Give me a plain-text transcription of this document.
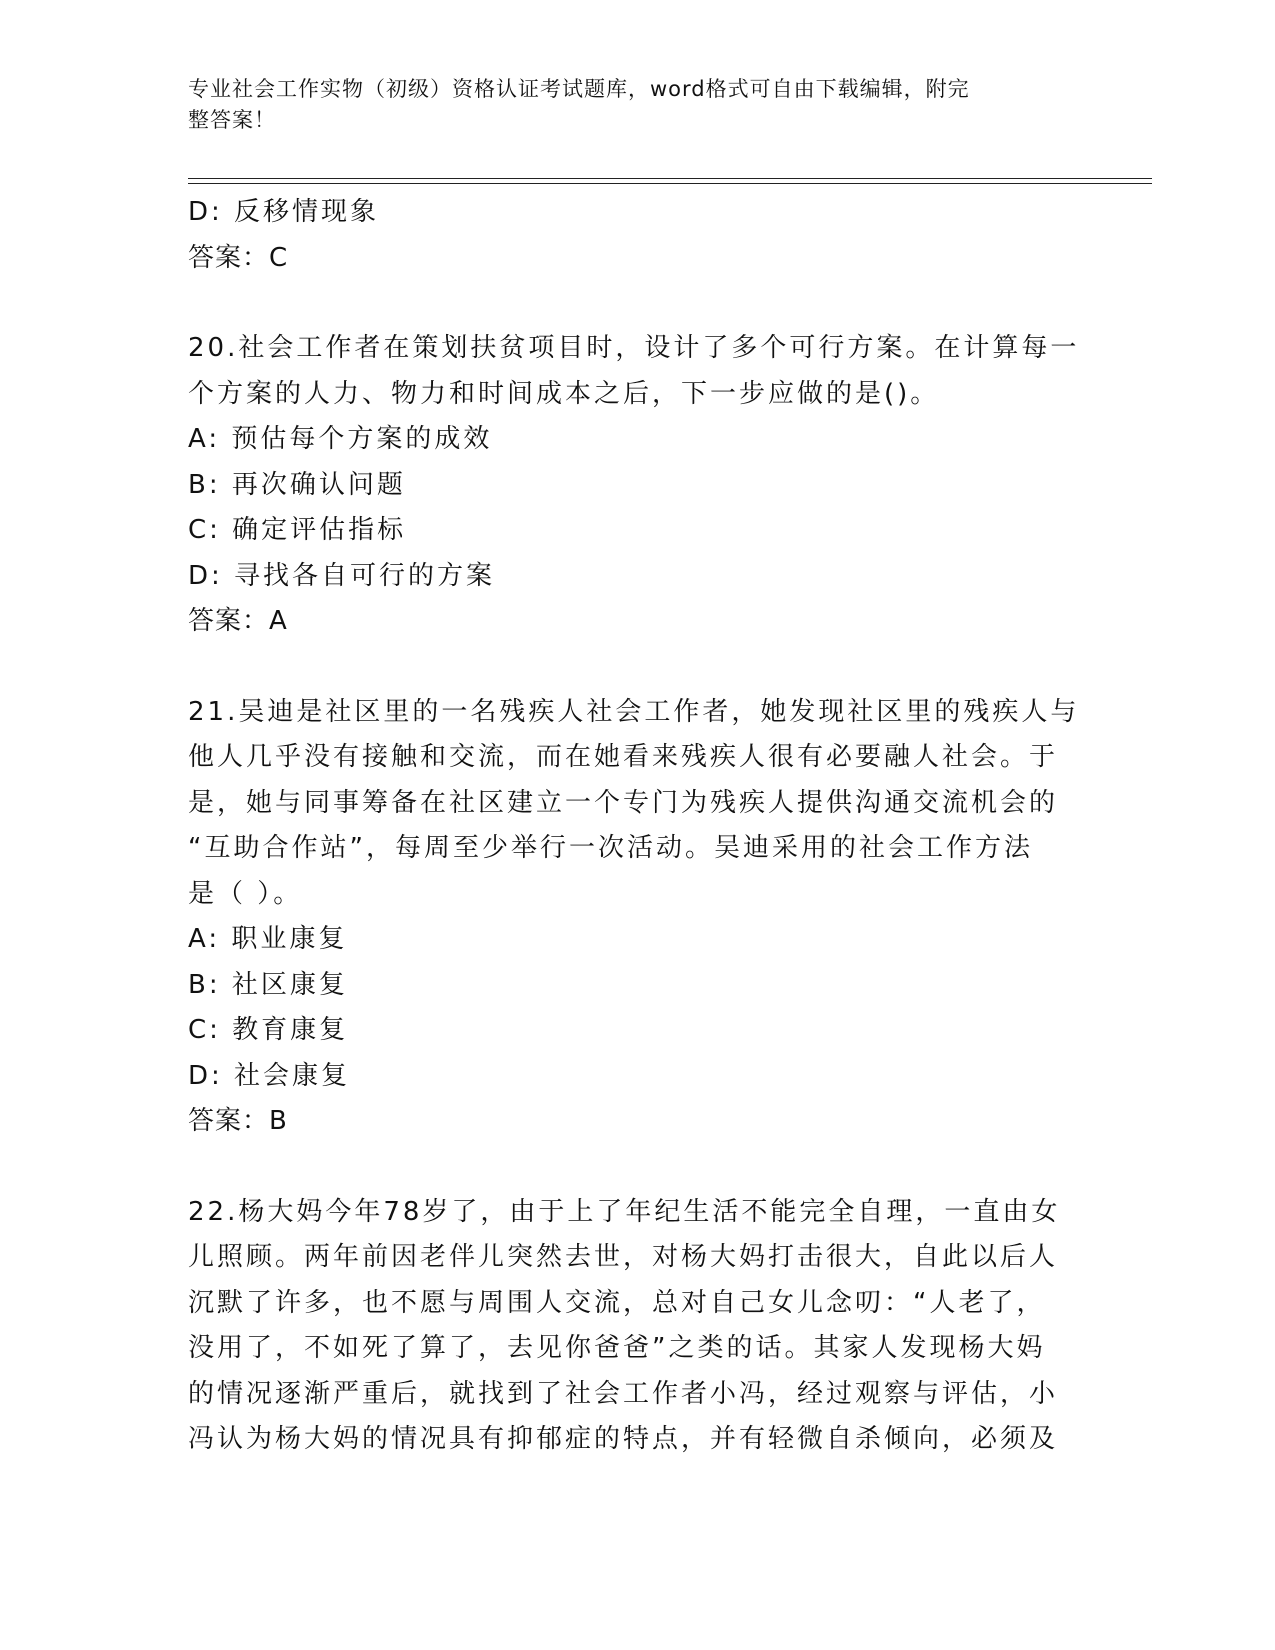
专业社会工作实物（初级）资格认证考试题库，word格式可自由下载编辑，附完
整答案！
D: 反移情现象
答案：C
20.社会工作者在策划扶贫项目时，设计了多个可行方案。在计算每一
个方案的人力、物力和时间成本之后，下一步应做的是()。
A: 预估每个方案的成效
B: 再次确认问题
C: 确定评估指标
D: 寻找各自可行的方案
答案：A
21.吴迪是社区里的一名残疾人社会工作者，她发现社区里的残疾人与
他人几乎没有接触和交流，而在她看来残疾人很有必要融人社会。于
是，她与同事筹备在社区建立一个专门为残疾人提供沟通交流机会的
“互助合作站”，每周至少举行一次活动。吴迪采用的社会工作方法
是（ ）。
A: 职业康复
B: 社区康复
C: 教育康复
D: 社会康复
答案：B
22.杨大妈今年78岁了，由于上了年纪生活不能完全自理，一直由女
儿照顾。两年前因老伴儿突然去世，对杨大妈打击很大，自此以后人
沉默了许多，也不愿与周围人交流，总对自己女儿念叨：“人老了，
没用了，不如死了算了，去见你爸爸”之类的话。其家人发现杨大妈
的情况逐渐严重后，就找到了社会工作者小冯，经过观察与评估，小
冯认为杨大妈的情况具有抑郁症的特点，并有轻微自杀倾向，必须及
